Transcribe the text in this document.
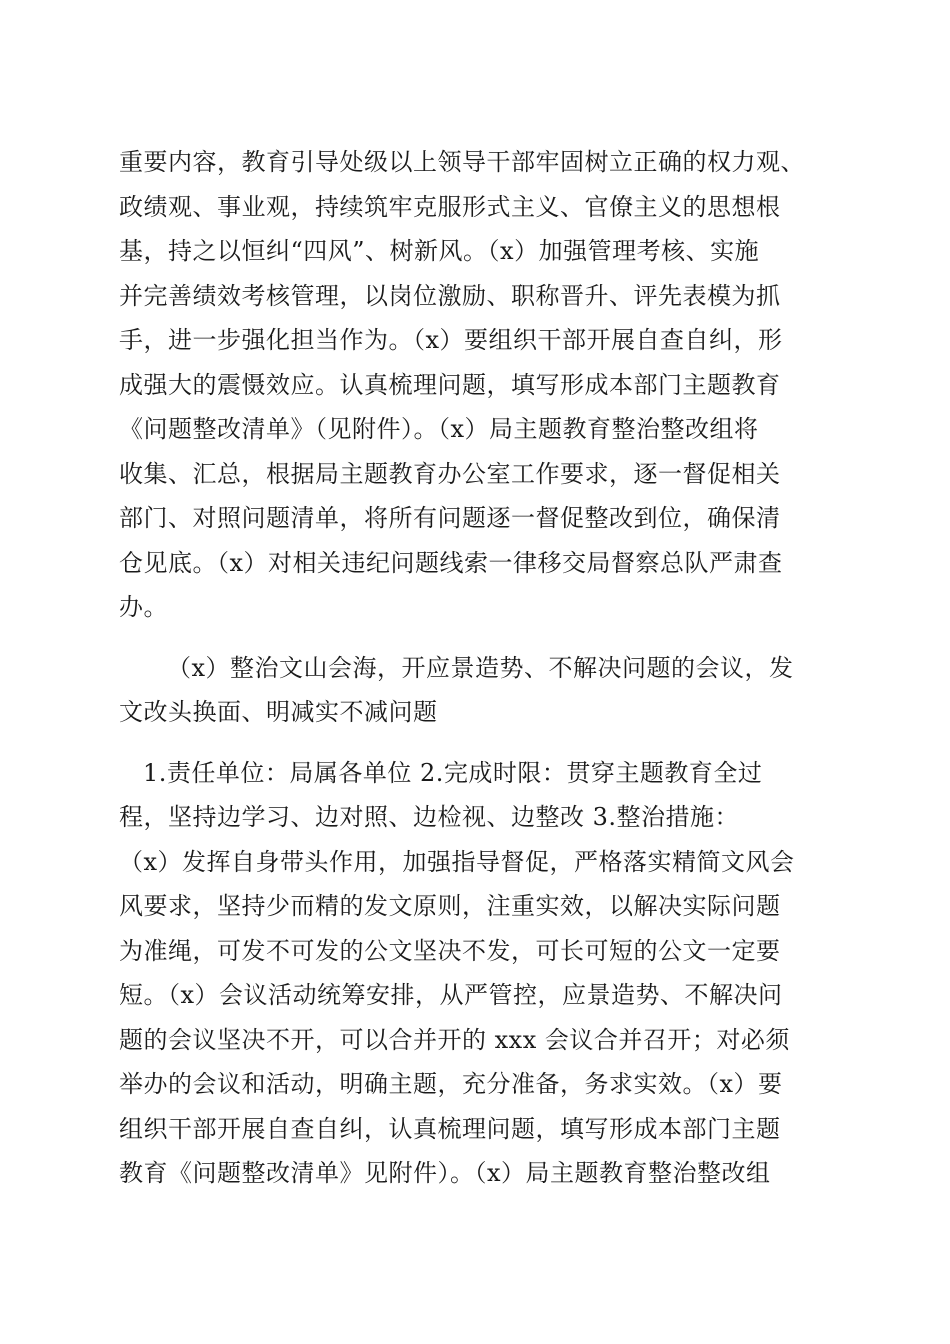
重要内容，教育引导处级以上领导干部牢固树立正确的权力观、
政绩观、事业观，持续筑牢克服形式主义、官僚主义的思想根
基，持之以恒纠“四风”、树新风。（x）加强管理考核、实施
并完善绩效考核管理，以岗位激励、职称晋升、评先表模为抓
手，进一步强化担当作为。（x）要组织干部开展自查自纠，形
成强大的震慑效应。认真梳理问题，填写形成本部门主题教育
《问题整改清单》（见附件）。（x）局主题教育整治整改组将
收集、汇总，根据局主题教育办公室工作要求，逐一督促相关
部门、对照问题清单，将所有问题逐一督促整改到位，确保清
仓见底。（x）对相关违纪问题线索一律移交局督察总队严肃查
办。
（x）整治文山会海，开应景造势、不解决问题的会议，发
文改头换面、明减实不减问题
1.责任单位：局属各单位 2.完成时限：贯穿主题教育全过
程，坚持边学习、边对照、边检视、边整改 3.整治措施：
（x）发挥自身带头作用，加强指导督促，严格落实精简文风会
风要求，坚持少而精的发文原则，注重实效，以解决实际问题
为准绳，可发不可发的公文坚决不发，可长可短的公文一定要
短。（x）会议活动统筹安排，从严管控，应景造势、不解决问
题的会议坚决不开，可以合并开的 xxx 会议合并召开；对必须
举办的会议和活动，明确主题，充分准备，务求实效。（x）要
组织干部开展自查自纠，认真梳理问题，填写形成本部门主题
教育《问题整改清单》见附件）。（x）局主题教育整治整改组
